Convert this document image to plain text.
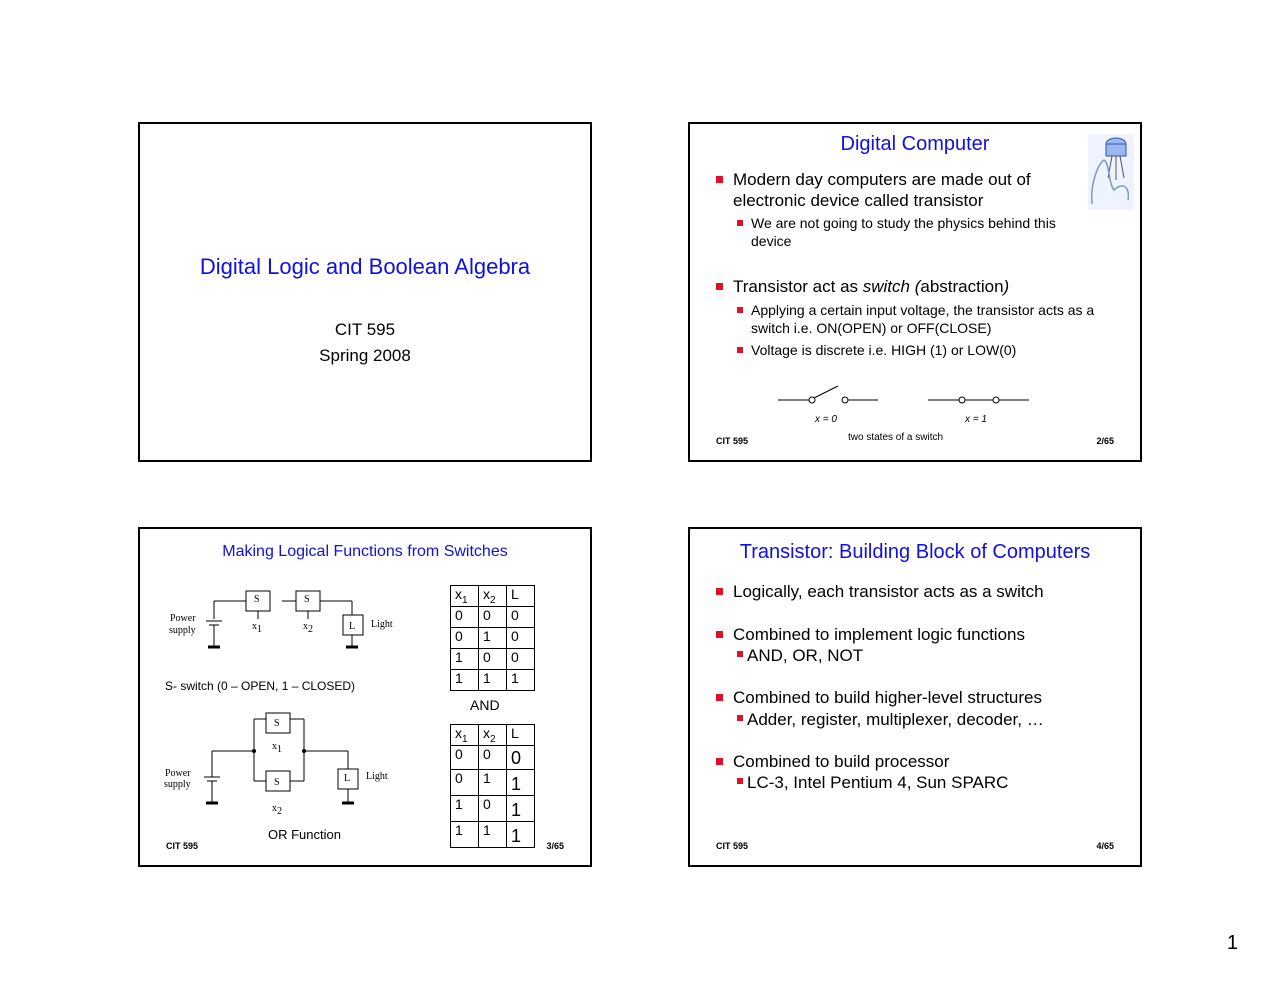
Digital Logic and Boolean Algebra
CIT 595
Spring 2008
Digital Computer
Modern day computers are made out of electronic device called transistor
We are not going to study the physics behind this device
Transistor act as switch (abstraction)
Applying a certain input voltage, the transistor acts as a switch i.e. ON(OPEN) or OFF(CLOSE)
Voltage is discrete i.e. HIGH (1) or LOW(0)
x = 0	x = 1
two states of a switch
CIT 595	2/65
Making Logical Functions from Switches
S	S
Power
supply	$x_1$	$x_2$	L Light
S- switch (0 – OPEN, 1 – CLOSED)
S
$x_1$
Power
supply	S	L Light
$x_2$
OR Function
$x_1$	$x_2$	L
0	0	0
0	1	0
1	0	0
1	1	1
AND
$x_1$	$x_2$	L
0	0	0
0	1	1
1	0	1
1	1	1
CIT 595	3/65
Transistor: Building Block of Computers
Logically, each transistor acts as a switch
Combined to implement logic functions
AND, OR, NOT
Combined to build higher-level structures
Adder, register, multiplexer, decoder, …
Combined to build processor
LC-3, Intel Pentium 4, Sun SPARC
CIT 595	4/65
1
